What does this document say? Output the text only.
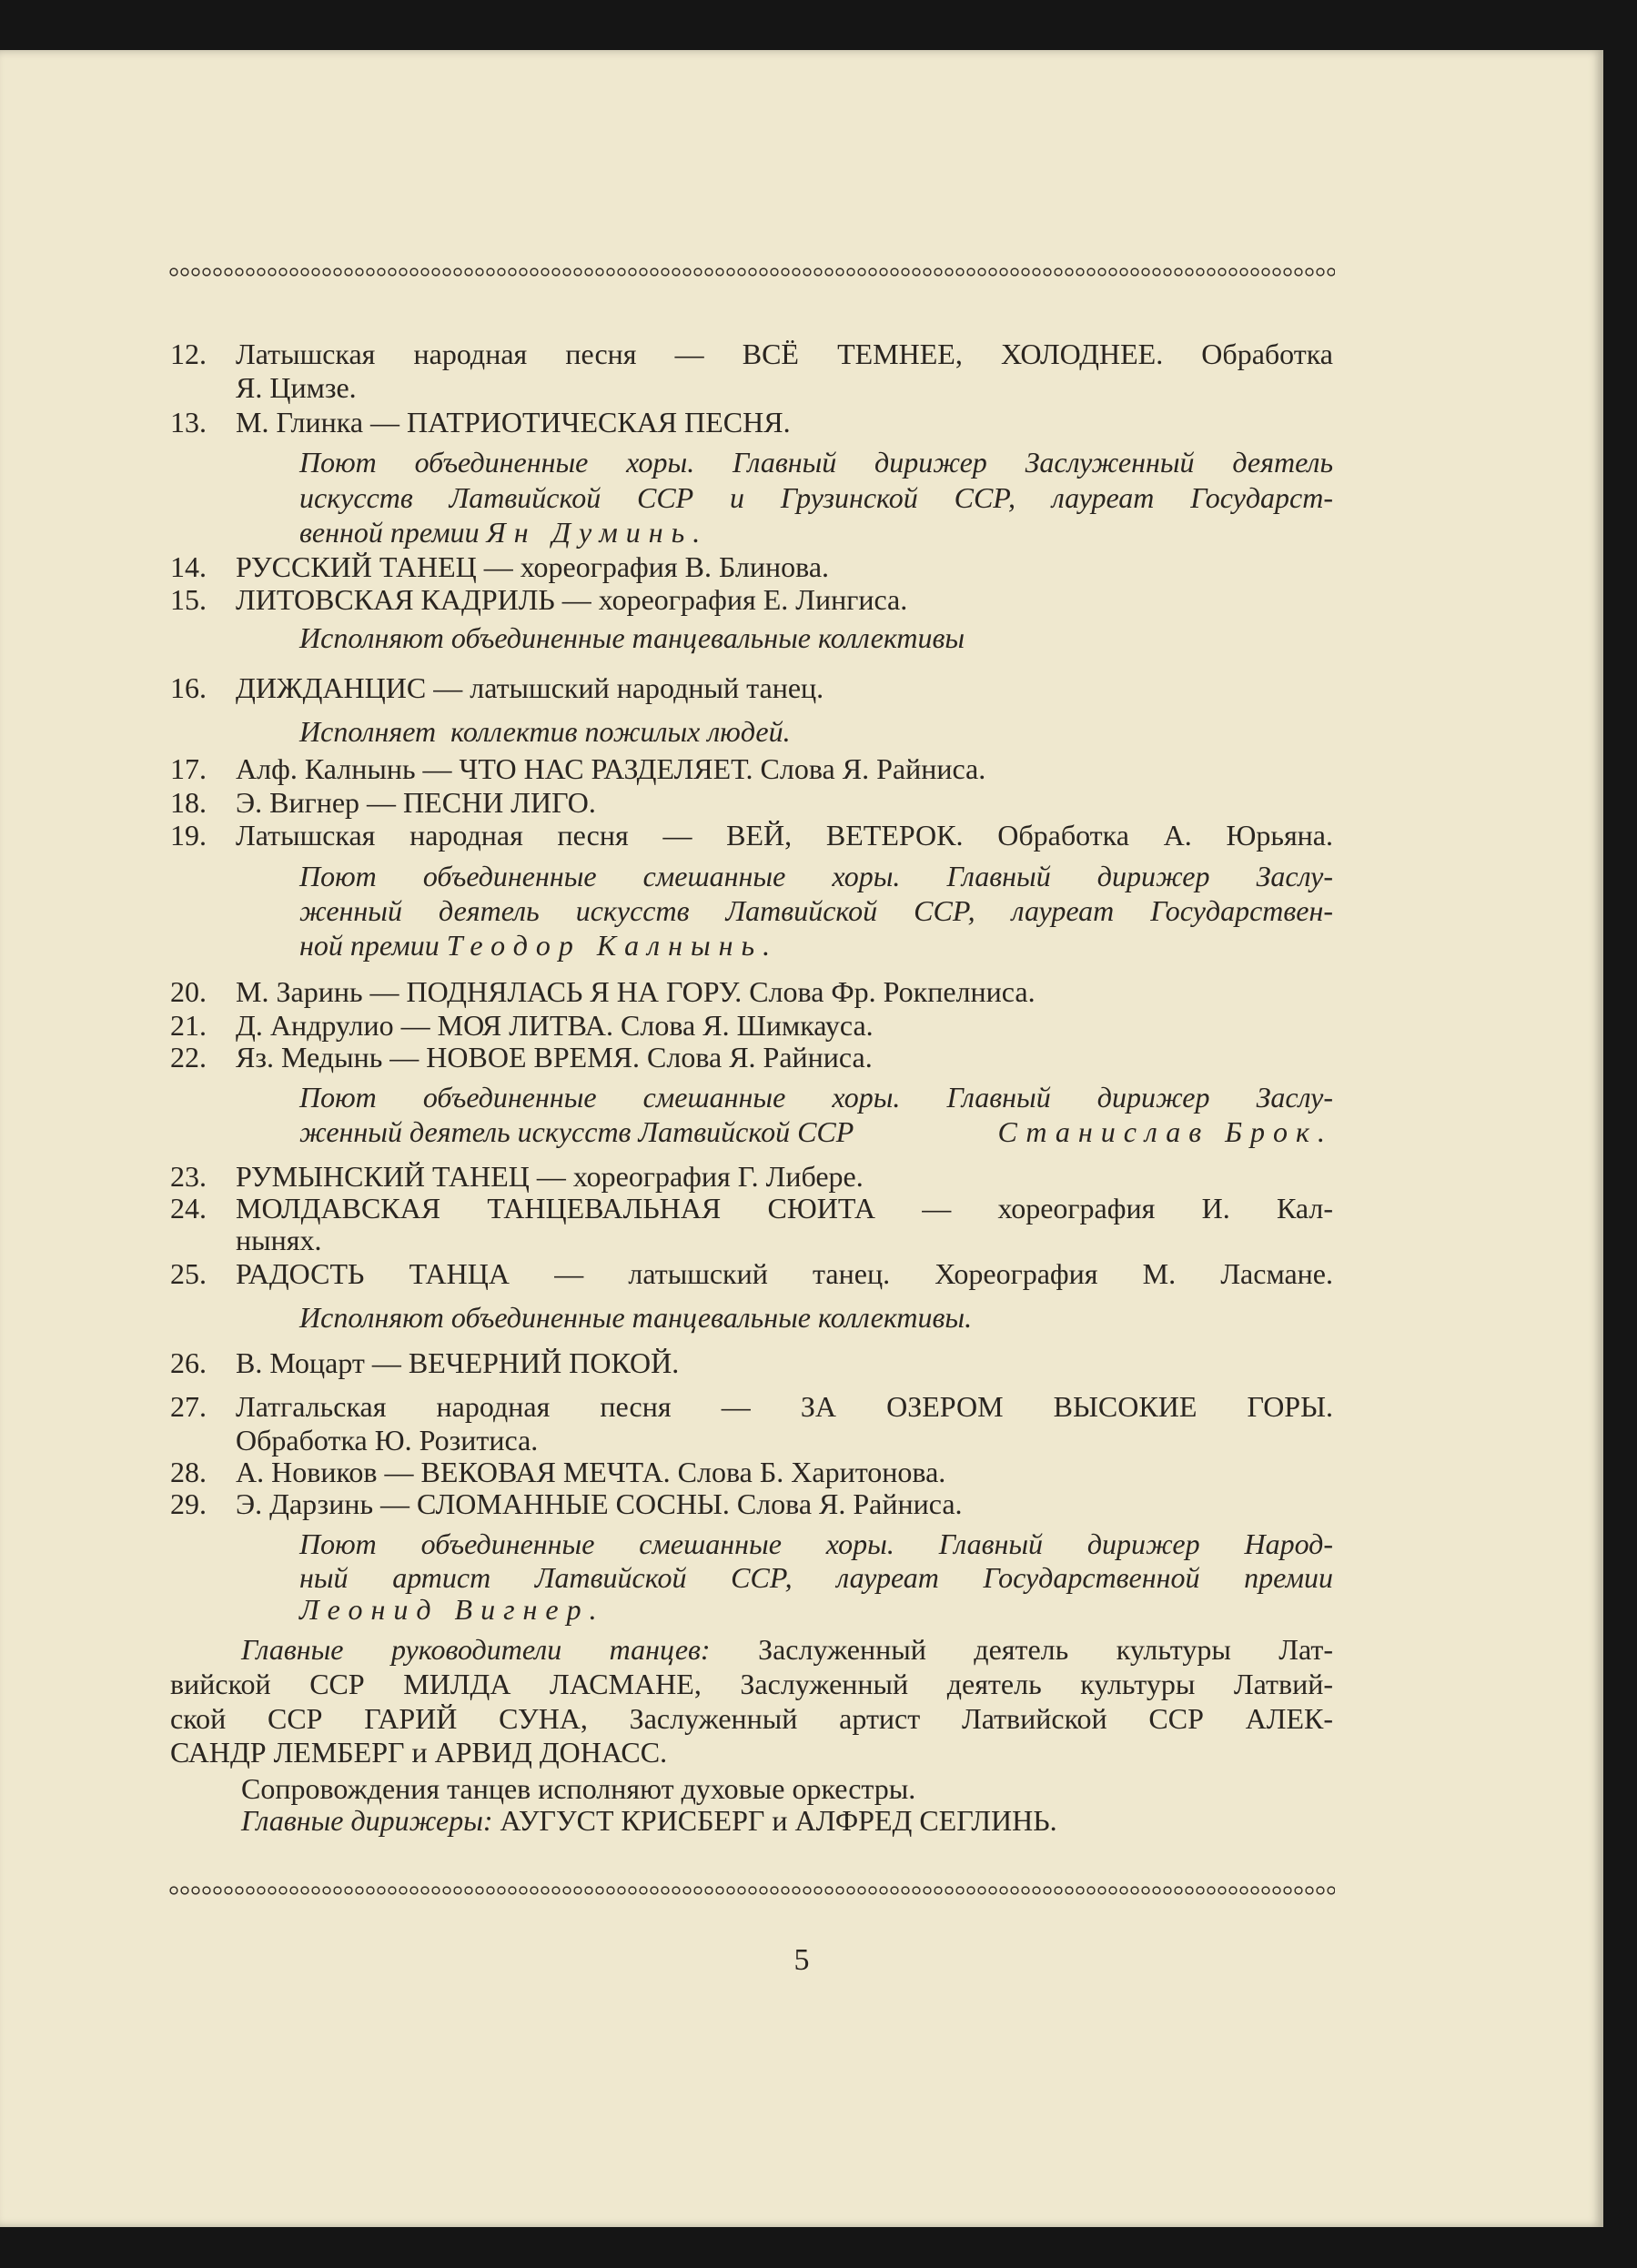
12.	Латышская народная песня — ВСЁ ТЕМНЕЕ, ХОЛОДНЕЕ. Обработка
Я. Цимзе.
13.	М. Глинка — ПАТРИОТИЧЕСКАЯ ПЕСНЯ.
Поют объединенные хоры. Главный дирижер Заслуженный деятель
искусств Латвийской ССР и Грузинской ССР, лауреат Государст-
венной премии Ян Думинь.
14.	РУССКИЙ ТАНЕЦ — хореография В. Блинова.
15.	ЛИТОВСКАЯ КАДРИЛЬ — хореография Е. Лингиса.
Исполняют объединенные танцевальные коллективы
16.	ДИЖДАНЦИС — латышский народный танец.
Исполняет  коллектив пожилых людей.
17.	Алф. Калнынь — ЧТО НАС РАЗДЕЛЯЕТ. Слова Я. Райниса.
18.	Э. Вигнер — ПЕСНИ ЛИГО.
19.	Латышская народная песня — ВЕЙ, ВЕТЕРОК. Обработка А. Юрьяна.
Поют объединенные смешанные хоры. Главный дирижер Заслу-
женный деятель искусств Латвийской ССР, лауреат Государствен-
ной премии Теодор Калнынь.
20.	М. Заринь — ПОДНЯЛАСЬ Я НА ГОРУ. Слова Фр. Рокпелниса.
21.	Д. Андрулио — МОЯ ЛИТВА. Слова Я. Шимкауса.
22.	Яз. Медынь — НОВОЕ ВРЕМЯ. Слова Я. Райниса.
Поют объединенные смешанные хоры. Главный дирижер Заслу-
женный деятель искусств Латвийской ССР	Станислав Брок.
23.	РУМЫНСКИЙ ТАНЕЦ — хореография Г. Либере.
24.	МОЛДАВСКАЯ ТАНЦЕВАЛЬНАЯ СЮИТА — хореография И. Кал-
нынях.
25.	РАДОСТЬ ТАНЦА — латышский танец. Хореография М. Ласмане.
Исполняют объединенные танцевальные коллективы.
26.	В. Моцарт — ВЕЧЕРНИЙ ПОКОЙ.
27.	Латгальская народная песня — ЗА ОЗЕРОМ ВЫСОКИЕ ГОРЫ.
Обработка Ю. Розитиса.
28.	А. Новиков — ВЕКОВАЯ МЕЧТА. Слова Б. Харитонова.
29.	Э. Дарзинь — СЛОМАННЫЕ СОСНЫ. Слова Я. Райниса.
Поют объединенные смешанные хоры. Главный дирижер Народ-
ный артист Латвийской ССР, лауреат Государственной премии
Леонид Вигнер.
Главные руководители танцев: Заслуженный деятель культуры Лат-
вийской ССР МИЛДА ЛАСМАНЕ, Заслуженный деятель культуры Латвий-
ской ССР ГАРИЙ СУНА, Заслуженный артист Латвийской ССР АЛЕК-
САНДР ЛЕМБЕРГ и АРВИД ДОНАСС.
Сопровождения танцев исполняют духовые оркестры.
Главные дирижеры: АУГУСТ КРИСБЕРГ и АЛФРЕД СЕГЛИНЬ.
5
